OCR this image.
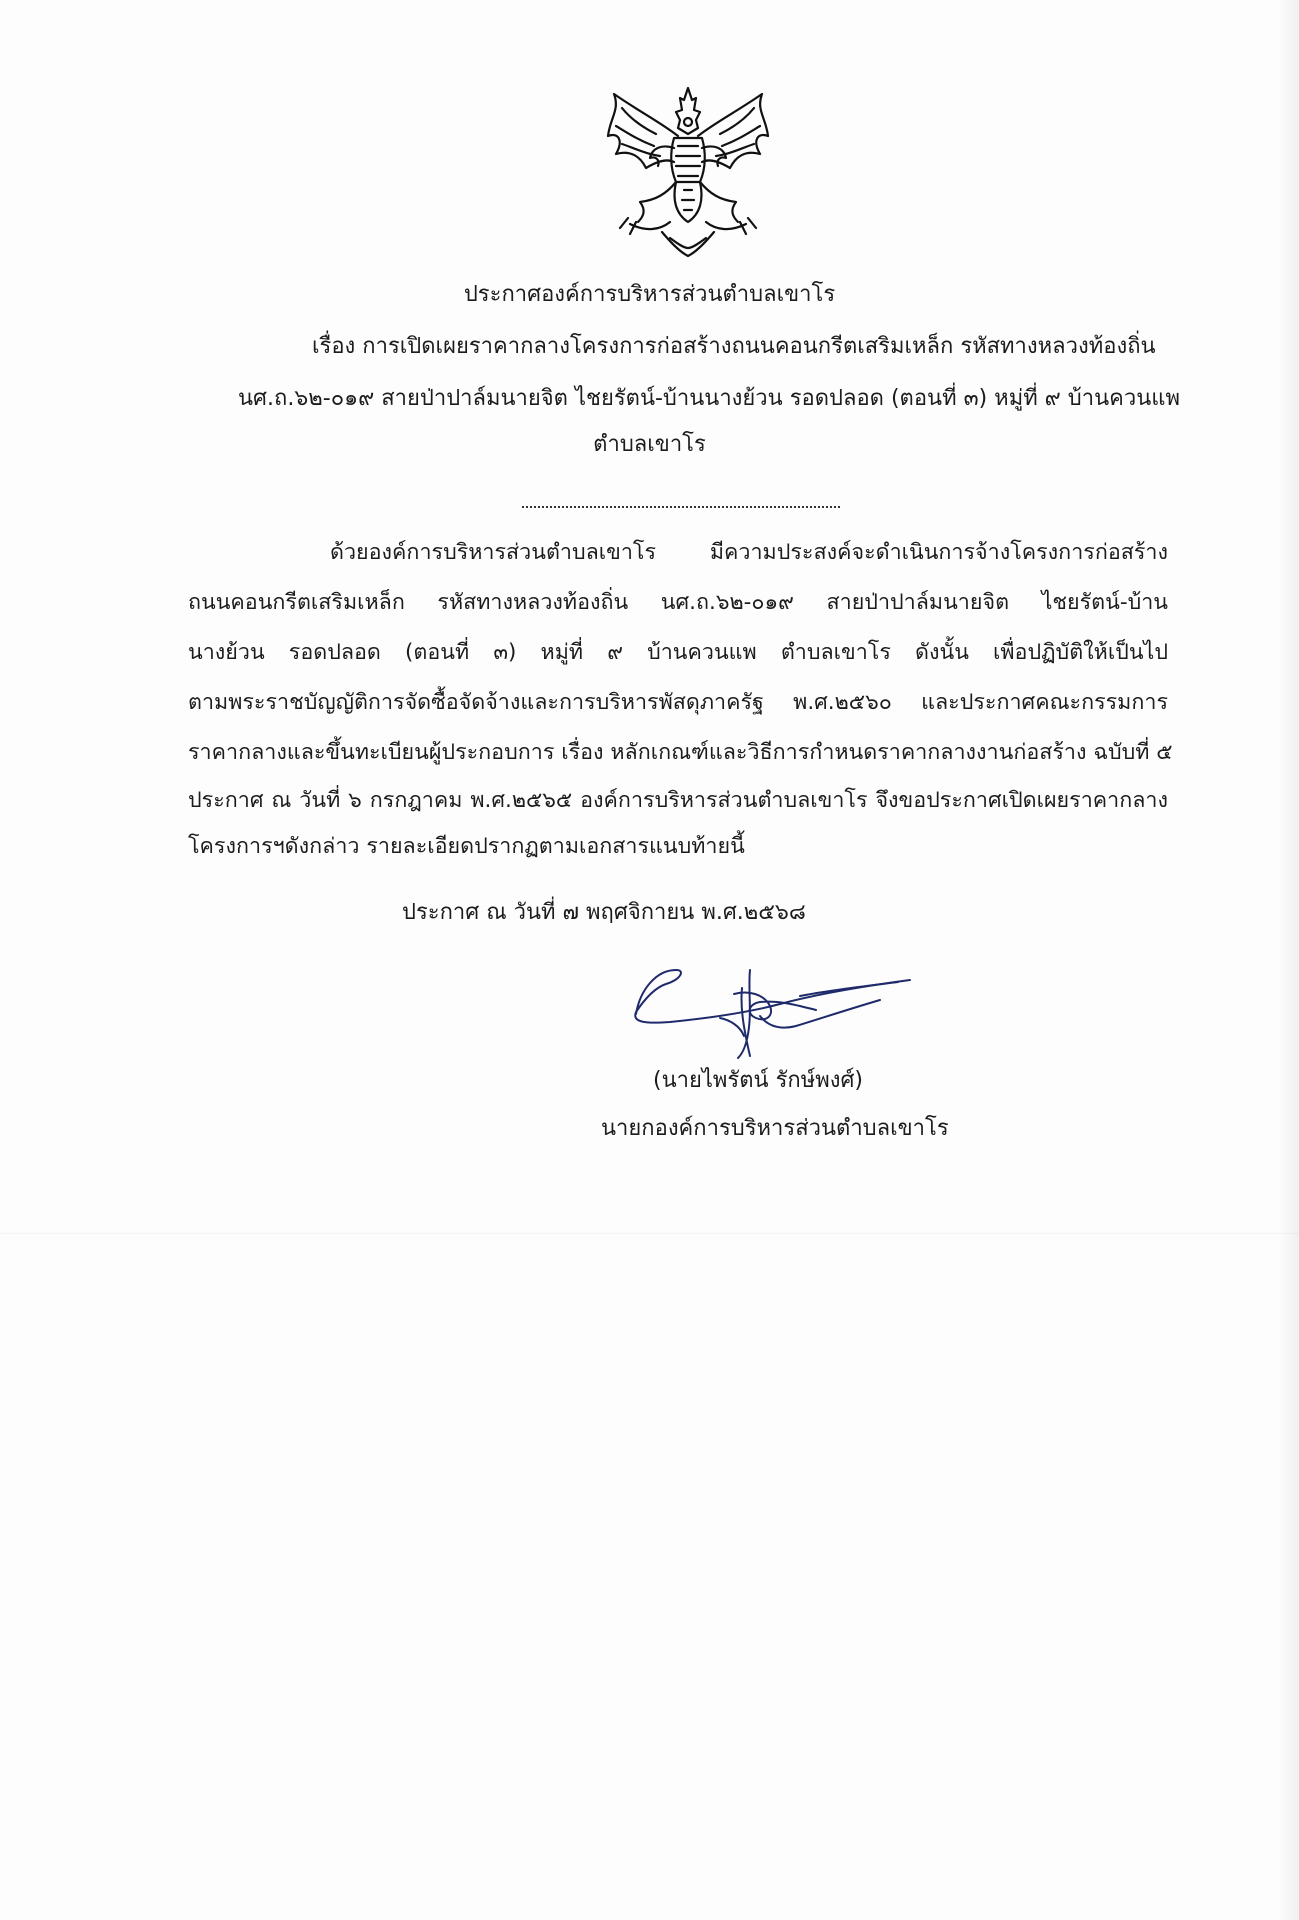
ประกาศองค์การบริหารส่วนตำบลเขาโร
เรื่อง การเปิดเผยราคากลางโครงการก่อสร้างถนนคอนกรีตเสริมเหล็ก รหัสทางหลวงท้องถิ่น
นศ.ถ.๖๒-๐๑๙ สายป่าปาล์มนายจิต ไชยรัตน์-บ้านนางย้วน รอดปลอด (ตอนที่ ๓) หมู่ที่ ๙ บ้านควนแพ
ตำบลเขาโร
ด้วยองค์การบริหารส่วนตำบลเขาโร มีความประสงค์จะดำเนินการจ้างโครงการก่อสร้าง
ถนนคอนกรีตเสริมเหล็ก รหัสทางหลวงท้องถิ่น นศ.ถ.๖๒-๐๑๙ สายป่าปาล์มนายจิต ไชยรัตน์-บ้าน
นางย้วน รอดปลอด (ตอนที่ ๓) หมู่ที่ ๙ บ้านควนแพ ตำบลเขาโร ดังนั้น เพื่อปฏิบัติให้เป็นไป
ตามพระราชบัญญัติการจัดซื้อจัดจ้างและการบริหารพัสดุภาครัฐ พ.ศ.๒๕๖๐ และประกาศคณะกรรมการ
ราคากลางและขึ้นทะเบียนผู้ประกอบการ เรื่อง หลักเกณฑ์และวิธีการกำหนดราคากลางงานก่อสร้าง ฉบับที่ ๕
ประกาศ ณ วันที่ ๖ กรกฎาคม พ.ศ.๒๕๖๕ องค์การบริหารส่วนตำบลเขาโร จึงขอประกาศเปิดเผยราคากลาง
โครงการฯดังกล่าว รายละเอียดปรากฏตามเอกสารแนบท้ายนี้
ประกาศ ณ วันที่ ๗ พฤศจิกายน พ.ศ.๒๕๖๘
(นายไพรัตน์ รักษ์พงศ์)
นายกองค์การบริหารส่วนตำบลเขาโร
